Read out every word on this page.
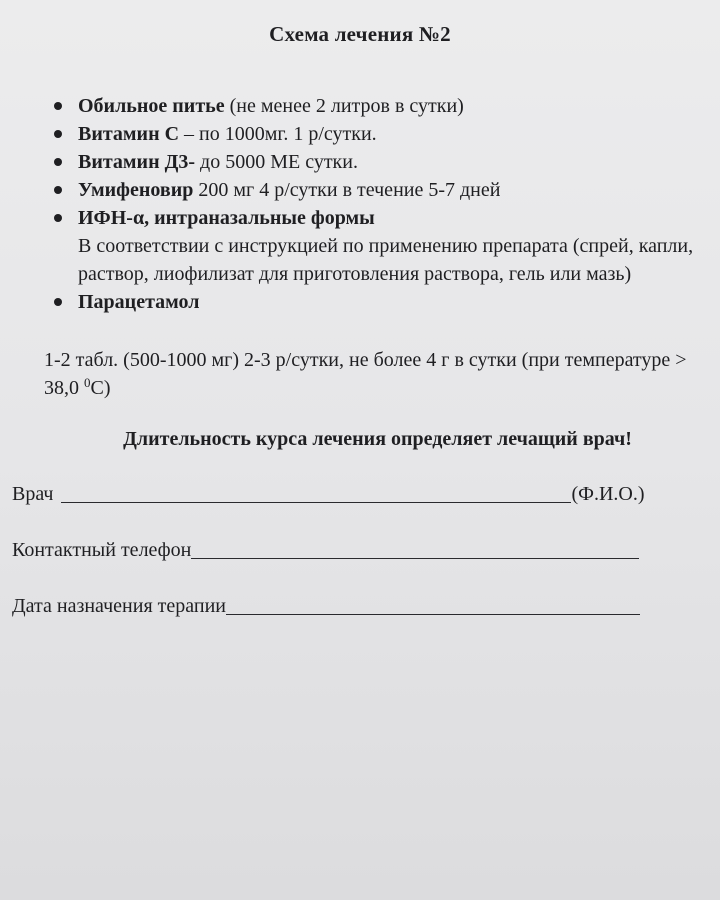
Схема лечения №2
Обильное питье (не менее 2 литров в сутки)
Витамин С – по 1000мг. 1 р/сутки.
Витамин Д3- до 5000 МЕ сутки.
Умифеновир 200 мг 4 р/сутки в течение 5-7 дней
ИФН-α, интраназальные формы
В соответствии с инструкцией по применению препарата (спрей, капли, раствор, лиофилизат для приготовления раствора, гель или мазь)
Парацетамол
1-2 табл. (500-1000 мг) 2-3 р/сутки, не более 4 г в сутки (при температуре > 38,0 $^0$С)
Длительность курса лечения определяет лечащий врач!
Врач	(Ф.И.О.)
Контактный телефон
Дата назначения терапии
